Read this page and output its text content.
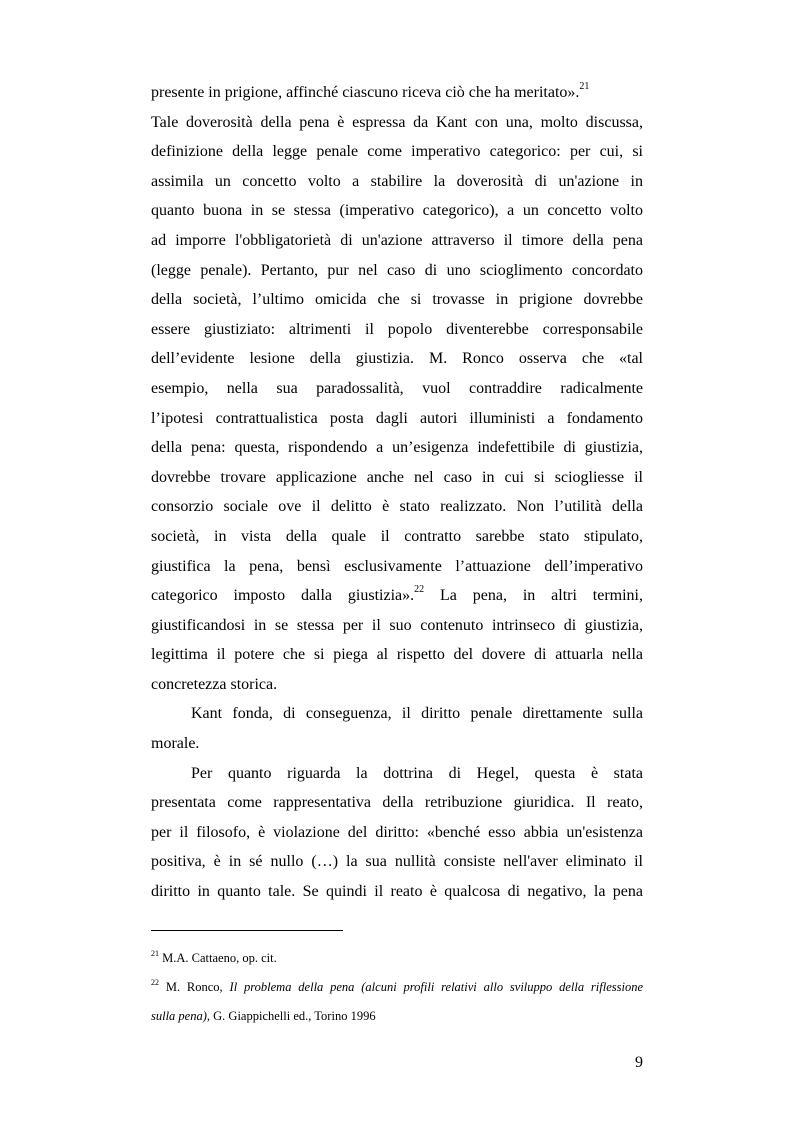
presente in prigione, affinché ciascuno riceva ciò che ha meritato».$^{21}$
Tale doverosità della pena è espressa da Kant con una, molto discussa,
definizione della legge penale come imperativo categorico: per cui, si
assimila un concetto volto a stabilire la doverosità di un'azione in
quanto buona in se stessa (imperativo categorico), a un concetto volto
ad imporre l'obbligatorietà di un'azione attraverso il timore della pena
(legge penale). Pertanto, pur nel caso di uno scioglimento concordato
della società, l’ultimo omicida che si trovasse in prigione dovrebbe
essere giustiziato: altrimenti il popolo diventerebbe corresponsabile
dell’evidente lesione della giustizia. M. Ronco osserva che «tal
esempio, nella sua paradossalità, vuol contraddire radicalmente
l’ipotesi contrattualistica posta dagli autori illuministi a fondamento
della pena: questa, rispondendo a un’esigenza indefettibile di giustizia,
dovrebbe trovare applicazione anche nel caso in cui si sciogliesse il
consorzio sociale ove il delitto è stato realizzato. Non l’utilità della
società, in vista della quale il contratto sarebbe stato stipulato,
giustifica la pena, bensì esclusivamente l’attuazione dell’imperativo
categorico imposto dalla giustizia».$^{22}$ La pena, in altri termini,
giustificandosi in se stessa per il suo contenuto intrinseco di giustizia,
legittima il potere che si piega al rispetto del dovere di attuarla nella
concretezza storica.
Kant fonda, di conseguenza, il diritto penale direttamente sulla
morale.
Per quanto riguarda la dottrina di Hegel, questa è stata
presentata come rappresentativa della retribuzione giuridica. Il reato,
per il filosofo, è violazione del diritto: «benché esso abbia un'esistenza
positiva, è in sé nullo (…) la sua nullità consiste nell'aver eliminato il
diritto in quanto tale. Se quindi il reato è qualcosa di negativo, la pena
$^{21}$ M.A. Cattaeno, op. cit.
$^{22}$ M. Ronco, Il problema della pena (alcuni profili relativi allo sviluppo della riflessione
sulla pena), G. Giappichelli ed., Torino 1996
9
